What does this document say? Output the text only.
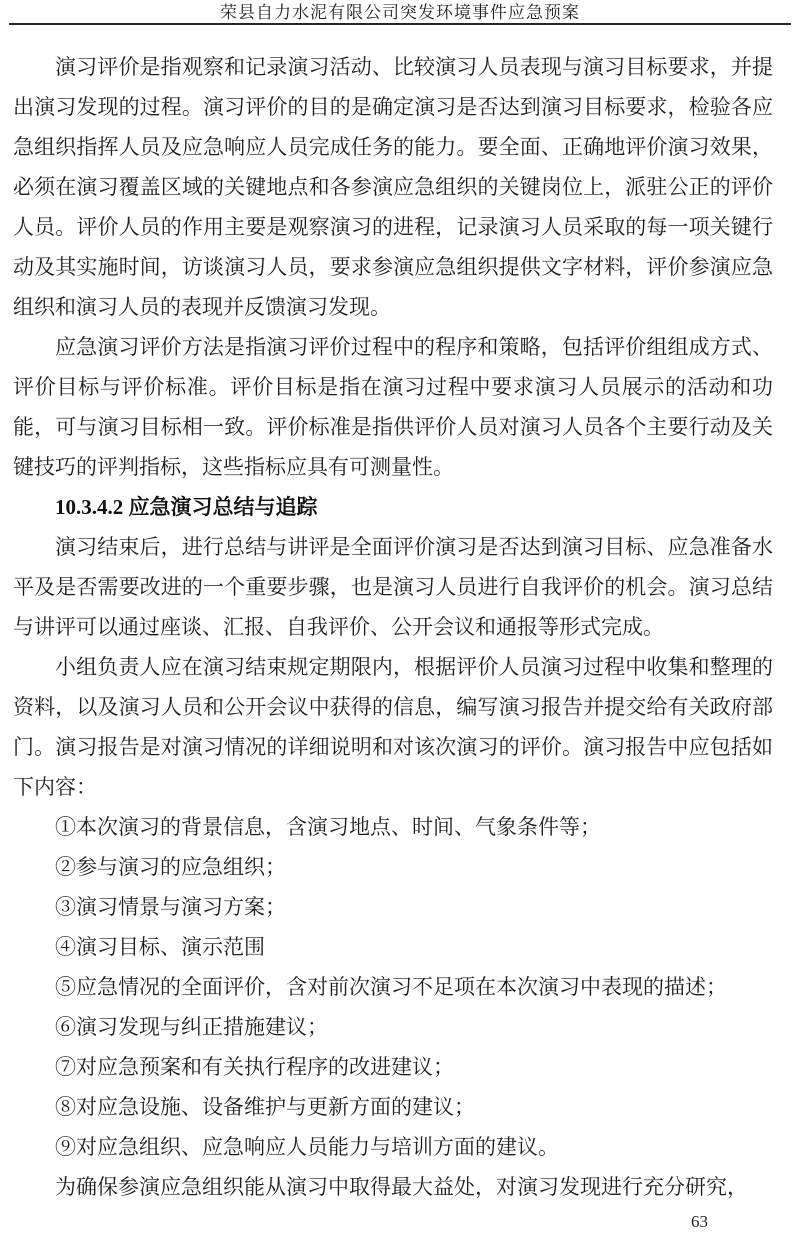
荣县自力水泥有限公司突发环境事件应急预案

演习评价是指观察和记录演习活动、比较演习人员表现与演习目标要求，并提出演习发现的过程。演习评价的目的是确定演习是否达到演习目标要求，检验各应急组织指挥人员及应急响应人员完成任务的能力。要全面、正确地评价演习效果，必须在演习覆盖区域的关键地点和各参演应急组织的关键岗位上，派驻公正的评价人员。评价人员的作用主要是观察演习的进程，记录演习人员采取的每一项关键行动及其实施时间，访谈演习人员，要求参演应急组织提供文字材料，评价参演应急组织和演习人员的表现并反馈演习发现。

应急演习评价方法是指演习评价过程中的程序和策略，包括评价组组成方式、评价目标与评价标准。评价目标是指在演习过程中要求演习人员展示的活动和功能，可与演习目标相一致。评价标准是指供评价人员对演习人员各个主要行动及关键技巧的评判指标，这些指标应具有可测量性。

10.3.4.2 应急演习总结与追踪

演习结束后，进行总结与讲评是全面评价演习是否达到演习目标、应急准备水平及是否需要改进的一个重要步骤，也是演习人员进行自我评价的机会。演习总结与讲评可以通过座谈、汇报、自我评价、公开会议和通报等形式完成。

小组负责人应在演习结束规定期限内，根据评价人员演习过程中收集和整理的资料，以及演习人员和公开会议中获得的信息，编写演习报告并提交给有关政府部门。演习报告是对演习情况的详细说明和对该次演习的评价。演习报告中应包括如下内容：

①本次演习的背景信息，含演习地点、时间、气象条件等；

②参与演习的应急组织；

③演习情景与演习方案；

④演习目标、演示范围

⑤应急情况的全面评价，含对前次演习不足项在本次演习中表现的描述；

⑥演习发现与纠正措施建议；

⑦对应急预案和有关执行程序的改进建议；

⑧对应急设施、设备维护与更新方面的建议；

⑨对应急组织、应急响应人员能力与培训方面的建议。

为确保参演应急组织能从演习中取得最大益处，对演习发现进行充分研究，

63
